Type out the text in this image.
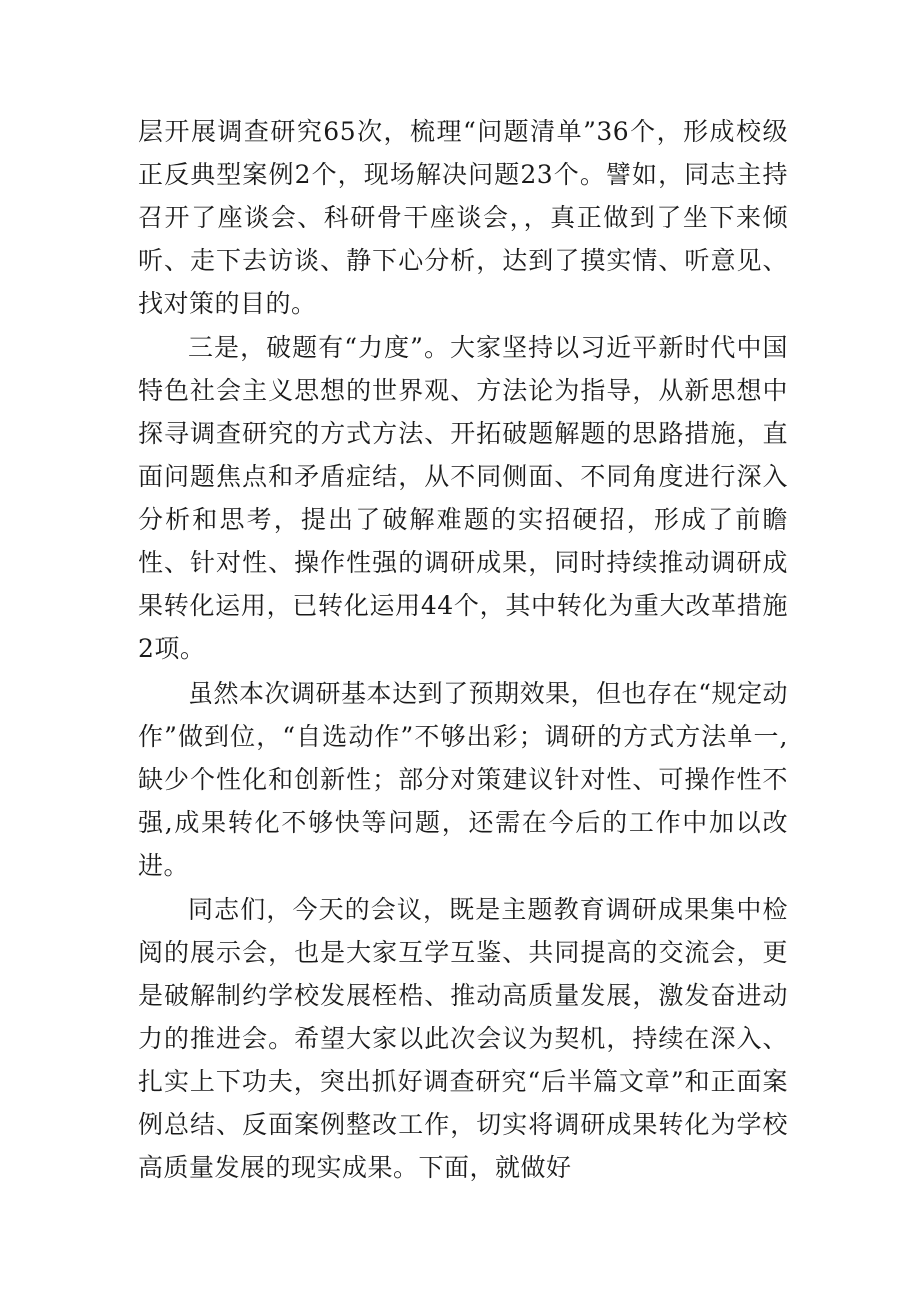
层开展调查研究65次，梳理“问题清单”36个，形成校级正反典型案例2个，现场解决问题23个。譬如，同志主持召开了座谈会、科研骨干座谈会，，真正做到了坐下来倾听、走下去访谈、静下心分析，达到了摸实情、听意见、找对策的目的。

三是，破题有“力度”。大家坚持以习近平新时代中国特色社会主义思想的世界观、方法论为指导，从新思想中探寻调查研究的方式方法、开拓破题解题的思路措施，直面问题焦点和矛盾症结，从不同侧面、不同角度进行深入分析和思考，提出了破解难题的实招硬招，形成了前瞻性、针对性、操作性强的调研成果，同时持续推动调研成果转化运用，已转化运用44个，其中转化为重大改革措施2项。

虽然本次调研基本达到了预期效果，但也存在“规定动作”做到位，“自选动作”不够出彩；调研的方式方法单一,缺少个性化和创新性；部分对策建议针对性、可操作性不强,成果转化不够快等问题，还需在今后的工作中加以改进。

同志们，今天的会议，既是主题教育调研成果集中检阅的展示会，也是大家互学互鉴、共同提高的交流会，更是破解制约学校发展桎梏、推动高质量发展，激发奋进动力的推进会。希望大家以此次会议为契机，持续在深入、扎实上下功夫，突出抓好调查研究“后半篇文章”和正面案例总结、反面案例整改工作，切实将调研成果转化为学校高质量发展的现实成果。下面，就做好
